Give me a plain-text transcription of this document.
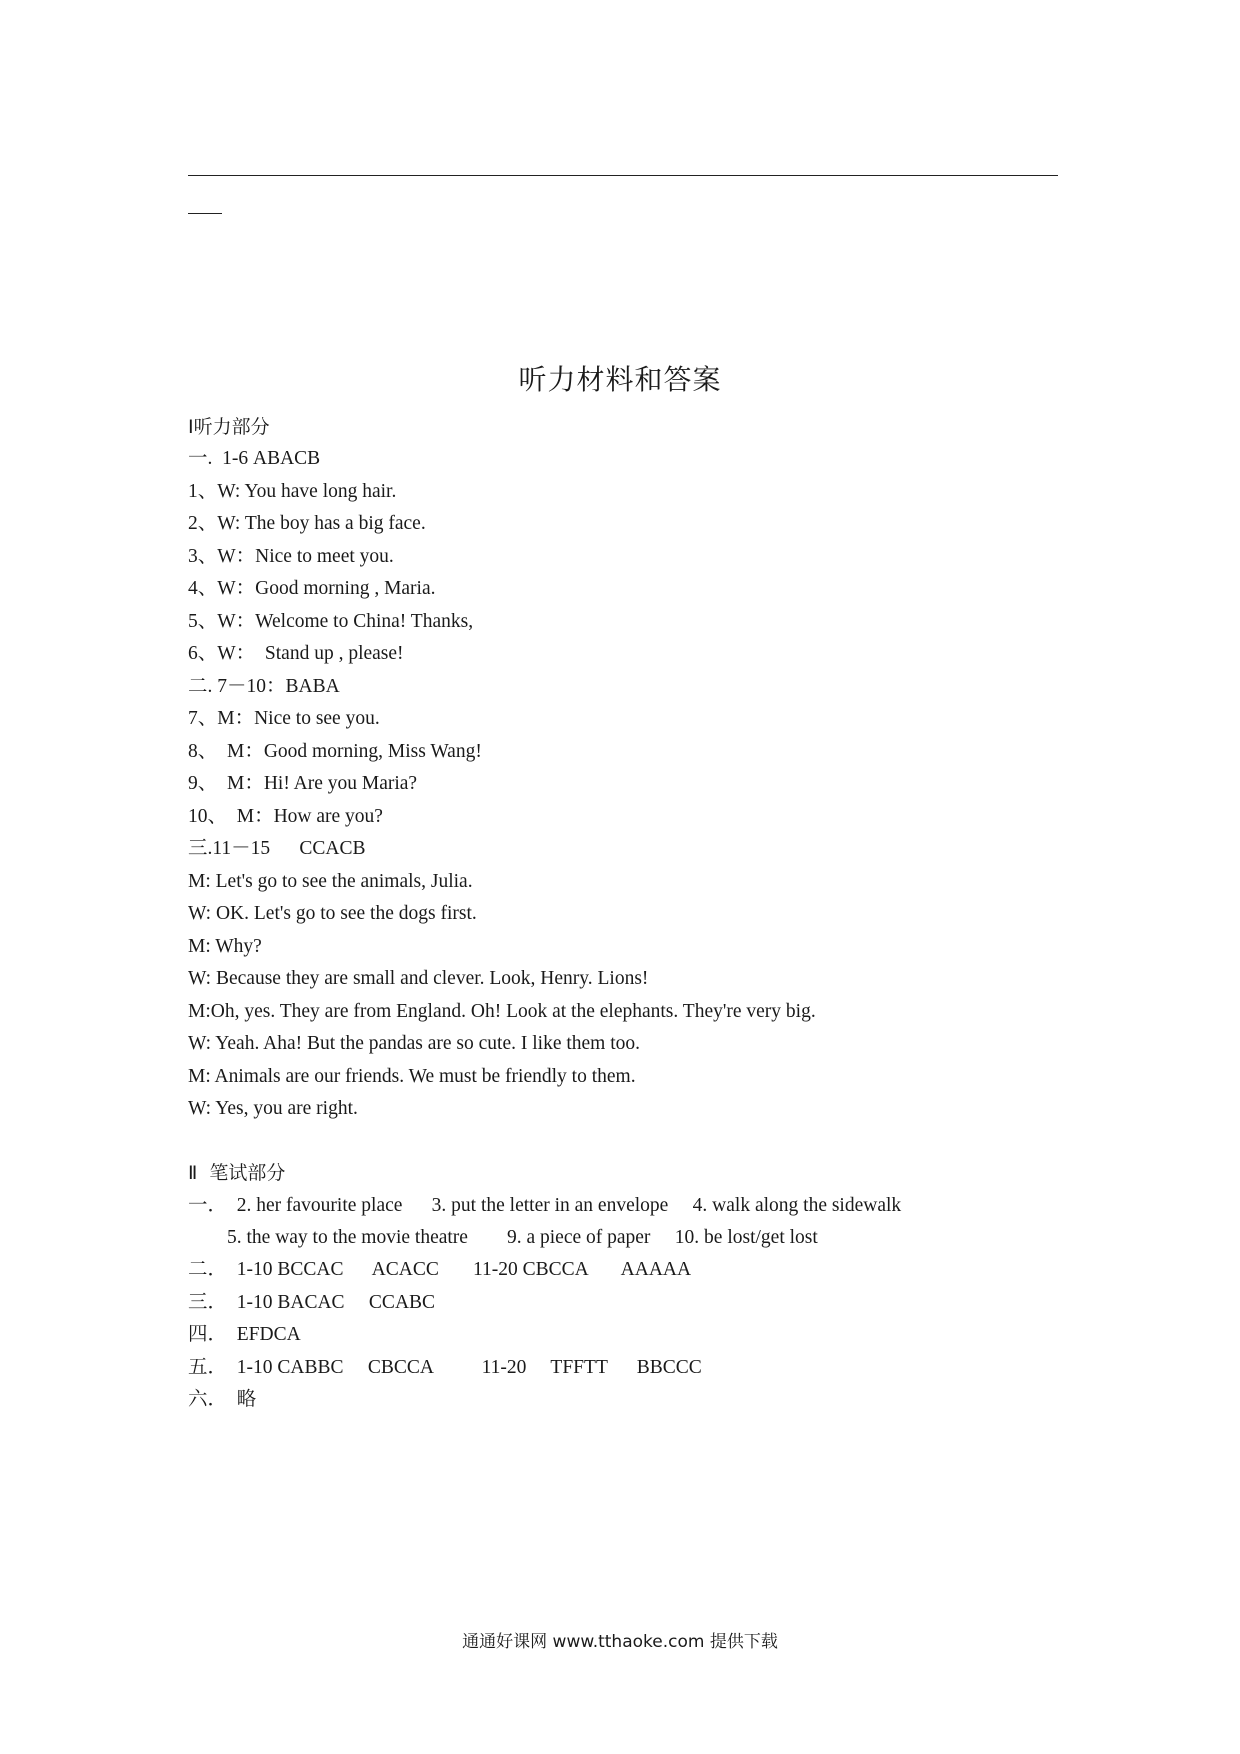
听力材料和答案
Ⅰ听力部分
一.  1-6 ABACB
1、W: You have long hair.
2、W: The boy has a big face.
3、W：Nice to meet you.
4、W：Good morning , Maria.
5、W：Welcome to China! Thanks,
6、W：  Stand up , please!
二. 7－10：BABA
7、M：Nice to see you.
8、  M：Good morning, Miss Wang!
9、  M：Hi! Are you Maria?
10、  M：How are you?
三.11－15      CCACB
M: Let's go to see the animals, Julia.
W: OK. Let's go to see the dogs first.
M: Why?
W: Because they are small and clever. Look, Henry. Lions!
M:Oh, yes. They are from England. Oh! Look at the elephants. They're very big.
W: Yeah. Aha! But the pandas are so cute. I like them too.
M: Animals are our friends. We must be friendly to them.
W: Yes, you are right.
Ⅱ  笔试部分
一．  2. her favourite place      3. put the letter in an envelope     4. walk along the sidewalk
5. the way to the movie theatre        9. a piece of paper     10. be lost/get lost
二．  1-10 BCCAC      ACACC       11-20 CBCCA       AAAAA
三．  1-10 BACAC     CCABC
四．  EFDCA
五．  1-10 CABBC     CBCCA          11-20     TFFTT      BBCCC
六．  略
通通好课网 www.tthaoke.com 提供下载
